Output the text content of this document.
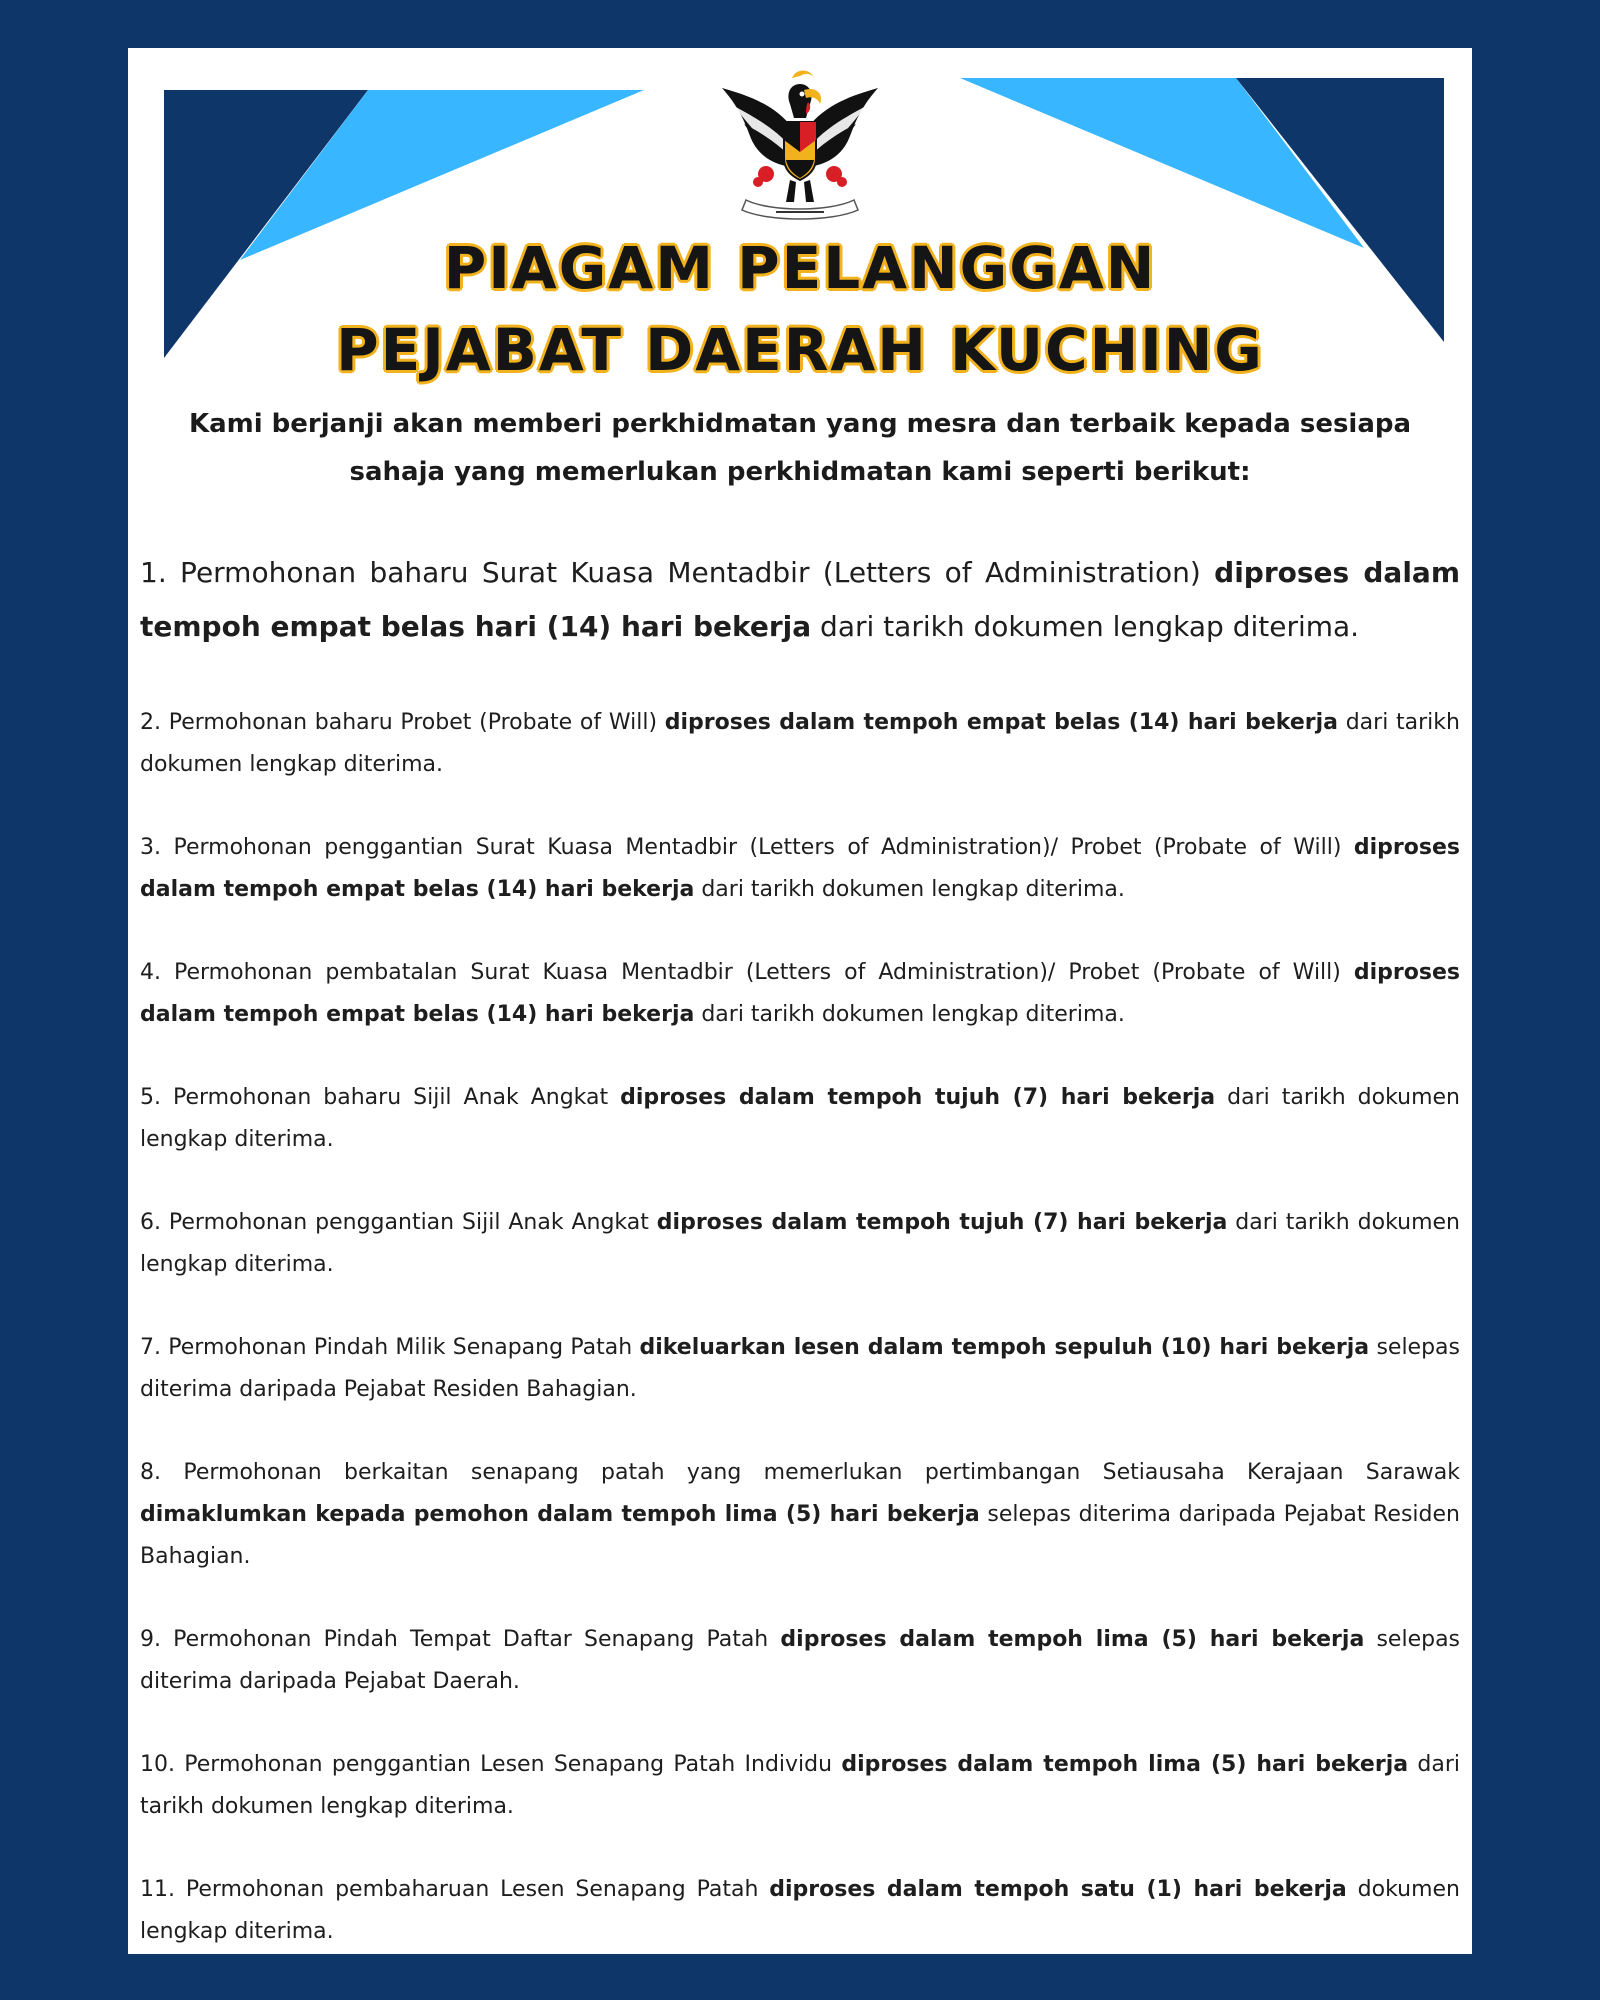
PIAGAM PELANGGAN
PEJABAT DAERAH KUCHING
Kami berjanji akan memberi perkhidmatan yang mesra dan terbaik kepada sesiapa sahaja yang memerlukan perkhidmatan kami seperti berikut:

1. Permohonan baharu Surat Kuasa Mentadbir (Letters of Administration) diproses dalam tempoh empat belas hari (14) hari bekerja dari tarikh dokumen lengkap diterima.

2. Permohonan baharu Probet (Probate of Will) diproses dalam tempoh empat belas (14) hari bekerja dari tarikh dokumen lengkap diterima.

3. Permohonan penggantian Surat Kuasa Mentadbir (Letters of Administration)/ Probet (Probate of Will) diproses dalam tempoh empat belas (14) hari bekerja dari tarikh dokumen lengkap diterima.

4. Permohonan pembatalan Surat Kuasa Mentadbir (Letters of Administration)/ Probet (Probate of Will) diproses dalam tempoh empat belas (14) hari bekerja dari tarikh dokumen lengkap diterima.

5. Permohonan baharu Sijil Anak Angkat diproses dalam tempoh tujuh (7) hari bekerja dari tarikh dokumen lengkap diterima.

6. Permohonan penggantian Sijil Anak Angkat diproses dalam tempoh tujuh (7) hari bekerja dari tarikh dokumen lengkap diterima.

7. Permohonan Pindah Milik Senapang Patah dikeluarkan lesen dalam tempoh sepuluh (10) hari bekerja selepas diterima daripada Pejabat Residen Bahagian.

8. Permohonan berkaitan senapang patah yang memerlukan pertimbangan Setiausaha Kerajaan Sarawak dimaklumkan kepada pemohon dalam tempoh lima (5) hari bekerja selepas diterima daripada Pejabat Residen Bahagian.

9. Permohonan Pindah Tempat Daftar Senapang Patah diproses dalam tempoh lima (5) hari bekerja selepas diterima daripada Pejabat Daerah.

10. Permohonan penggantian Lesen Senapang Patah Individu diproses dalam tempoh lima (5) hari bekerja dari tarikh dokumen lengkap diterima.

11. Permohonan pembaharuan Lesen Senapang Patah diproses dalam tempoh satu (1) hari bekerja dokumen lengkap diterima.
